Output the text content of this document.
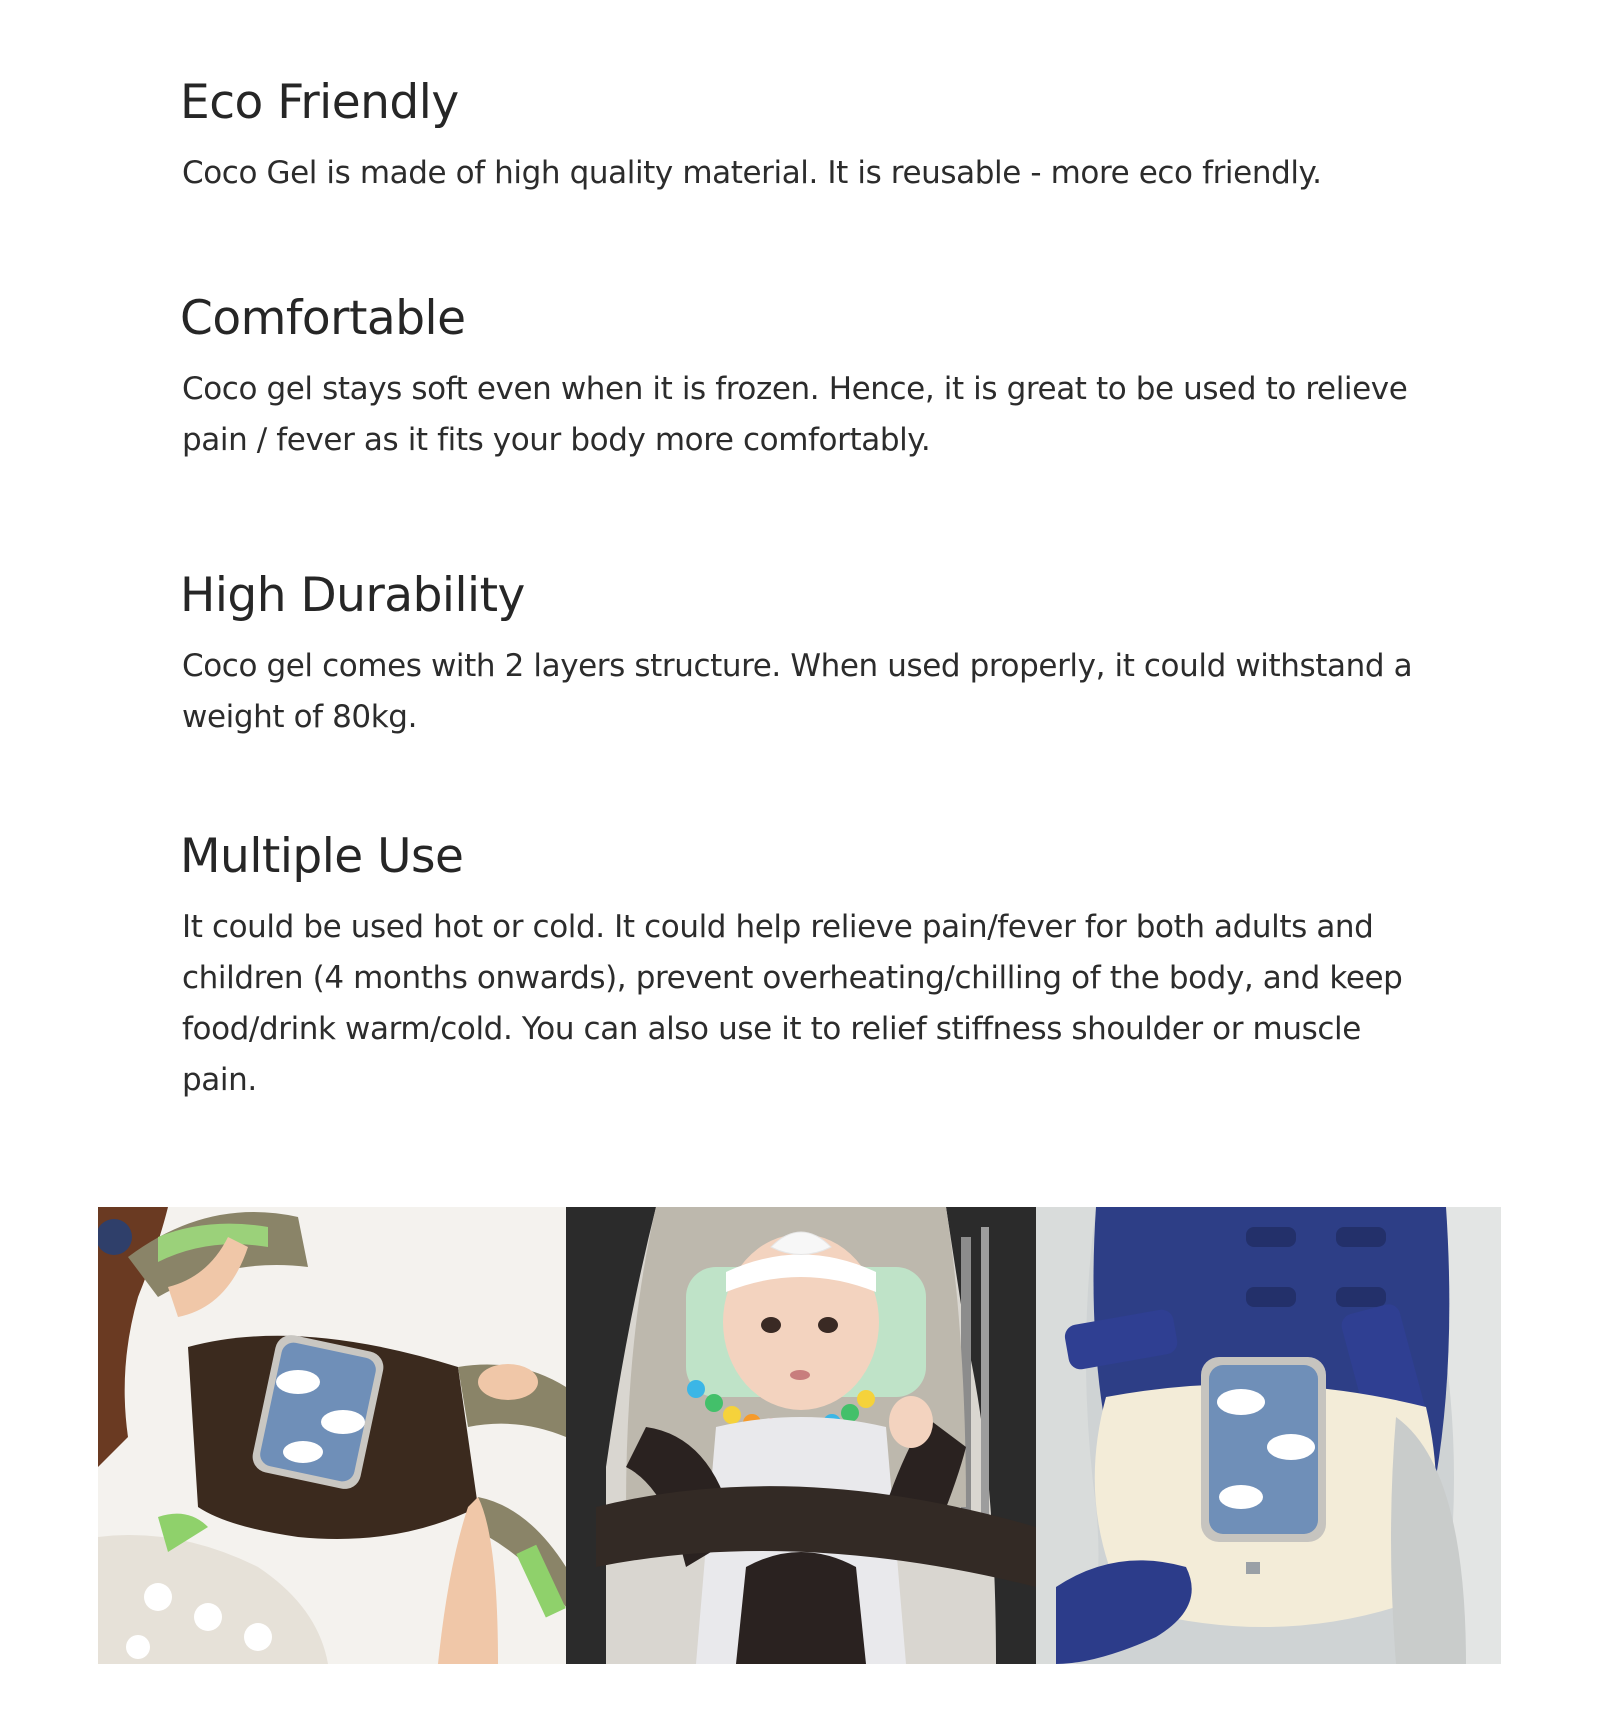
Eco Friendly

Coco Gel is made of high quality material. It is reusable - more eco friendly.

Comfortable

Coco gel stays soft even when it is frozen. Hence, it is great to be used to relieve pain / fever as it fits your body more comfortably.

High Durability

Coco gel comes with 2 layers structure. When used properly, it could withstand a weight of 80kg.

Multiple Use

It could be used hot or cold. It could help relieve pain/fever for both adults and children (4 months onwards), prevent overheating/chilling of the body, and keep food/drink warm/cold. You can also use it to relief stiffness shoulder or muscle pain.
